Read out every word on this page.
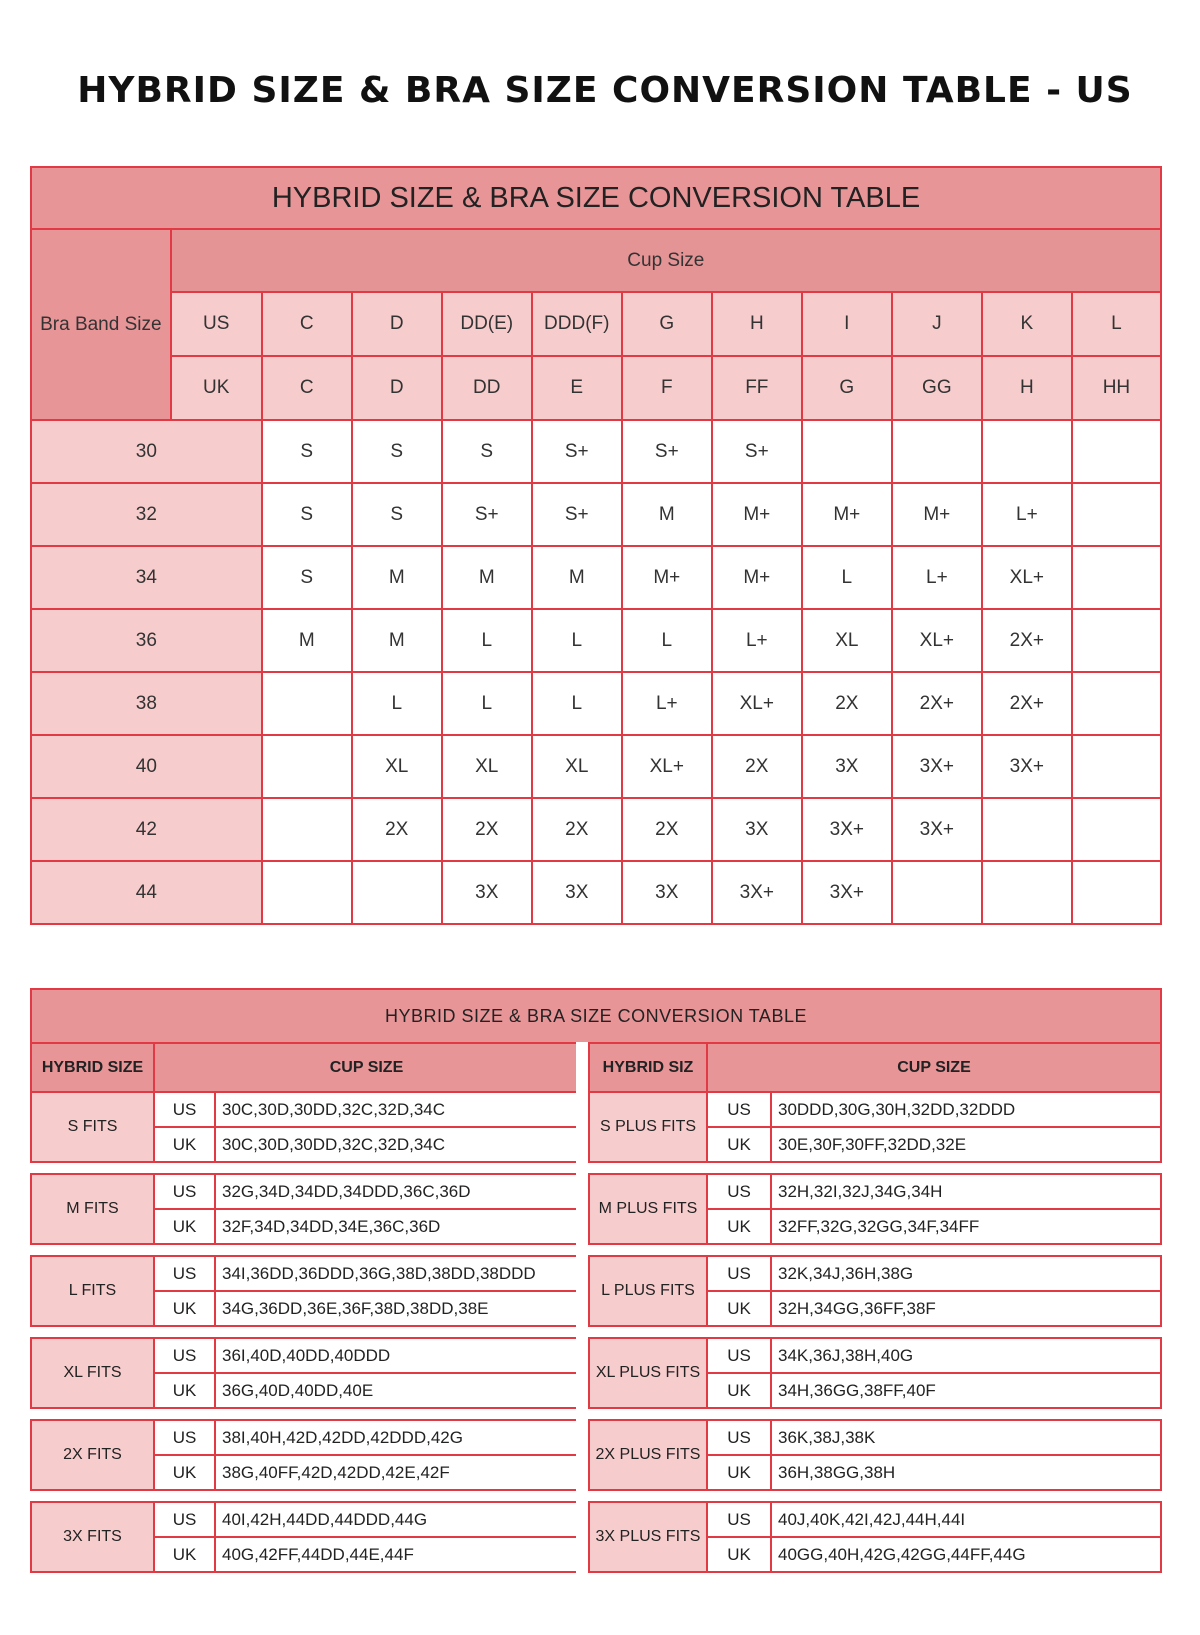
HYBRID SIZE & BRA SIZE CONVERSION TABLE - US
HYBRID SIZE & BRA SIZE CONVERSION TABLE											
Bra Band Size	Cup Size										
	US	C	D	DD(E)	DDD(F)	G	H	I	J	K	L
	UK	C	D	DD	E	F	FF	G	GG	H	HH
30		S	S	S	S+	S+	S+				
32		S	S	S+	S+	M	M+	M+	M+	L+	
34		S	M	M	M	M+	M+	L	L+	XL+	
36		M	M	L	L	L	L+	XL	XL+	2X+	
38			L	L	L	L+	XL+	2X	2X+	2X+	
40			XL	XL	XL	XL+	2X	3X	3X+	3X+	
42			2X	2X	2X	2X	3X	3X+	3X+		
44				3X	3X	3X	3X+	3X+			
HYBRID SIZE & BRA SIZE CONVERSION TABLE
HYBRID SIZE	CUP SIZE	
S FITS	US	30C,30D,30DD,32C,32D,34C
	UK	30C,30D,30DD,32C,32D,34C

M FITS	US	32G,34D,34DD,34DDD,36C,36D
	UK	32F,34D,34DD,34E,36C,36D

L FITS	US	34I,36DD,36DDD,36G,38D,38DD,38DDD
	UK	34G,36DD,36E,36F,38D,38DD,38E

XL FITS	US	36I,40D,40DD,40DDD
	UK	36G,40D,40DD,40E

2X FITS	US	38I,40H,42D,42DD,42DDD,42G
	UK	38G,40FF,42D,42DD,42E,42F

3X FITS	US	40I,42H,44DD,44DDD,44G
	UK	40G,42FF,44DD,44E,44F
HYBRID SIZ	CUP SIZE	
S PLUS FITS	US	30DDD,30G,30H,32DD,32DDD
	UK	30E,30F,30FF,32DD,32E

M PLUS FITS	US	32H,32I,32J,34G,34H
	UK	32FF,32G,32GG,34F,34FF

L PLUS FITS	US	32K,34J,36H,38G
	UK	32H,34GG,36FF,38F

XL PLUS FITS	US	34K,36J,38H,40G
	UK	34H,36GG,38FF,40F

2X PLUS FITS	US	36K,38J,38K
	UK	36H,38GG,38H

3X PLUS FITS	US	40J,40K,42I,42J,44H,44I
	UK	40GG,40H,42G,42GG,44FF,44G
